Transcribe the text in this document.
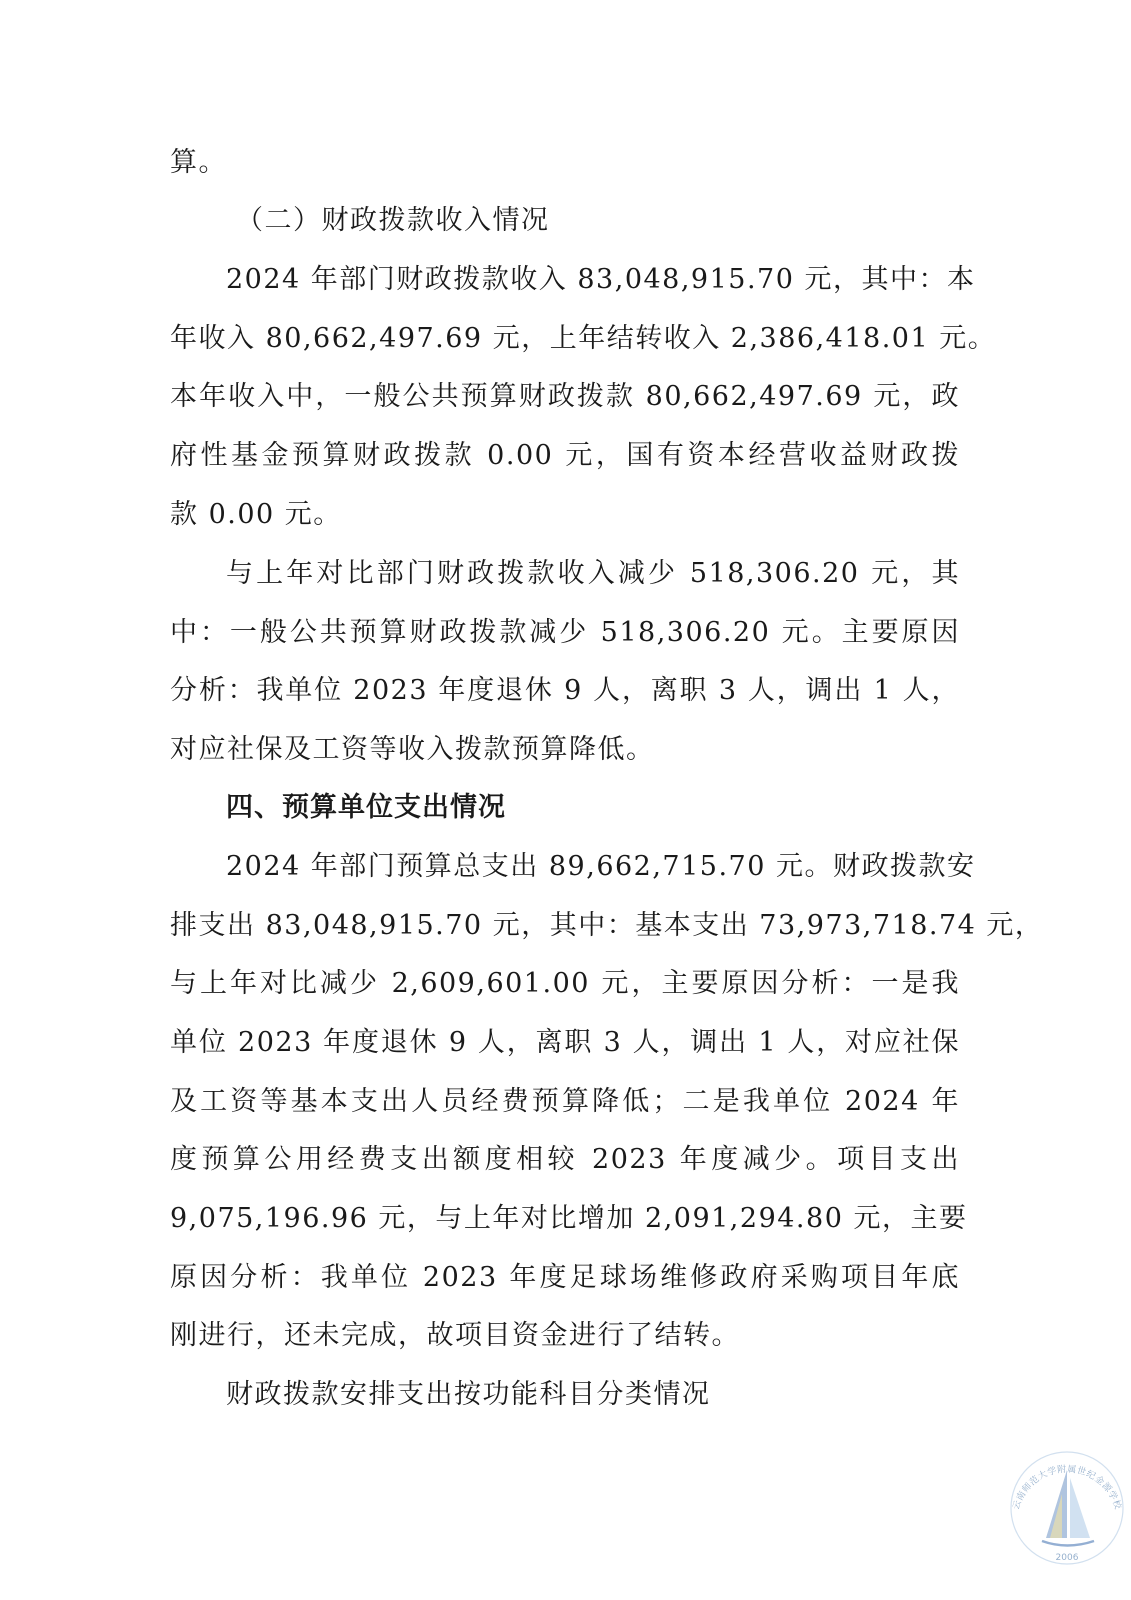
算。
（二）财政拨款收入情况
2024 年部门财政拨款收入 83,048,915.70 元，其中：本
年收入 80,662,497.69 元，上年结转收入 2,386,418.01 元。
本年收入中，一般公共预算财政拨款 80,662,497.69 元，政
府性基金预算财政拨款 0.00 元，国有资本经营收益财政拨
款 0.00 元。
与上年对比部门财政拨款收入减少 518,306.20 元，其
中：一般公共预算财政拨款减少 518,306.20 元。主要原因
分析：我单位 2023 年度退休 9 人，离职 3 人，调出 1 人，
对应社保及工资等收入拨款预算降低。
四、预算单位支出情况
2024 年部门预算总支出 89,662,715.70 元。财政拨款安
排支出 83,048,915.70 元，其中：基本支出 73,973,718.74 元，
与上年对比减少 2,609,601.00 元，主要原因分析：一是我
单位 2023 年度退休 9 人，离职 3 人，调出 1 人，对应社保
及工资等基本支出人员经费预算降低；二是我单位 2024 年
度预算公用经费支出额度相较 2023 年度减少。项目支出
9,075,196.96 元，与上年对比增加 2,091,294.80 元，主要
原因分析：我单位 2023 年度足球场维修政府采购项目年底
刚进行，还未完成，故项目资金进行了结转。
财政拨款安排支出按功能科目分类情况
云南师范大学附属世纪金源学校
2006
